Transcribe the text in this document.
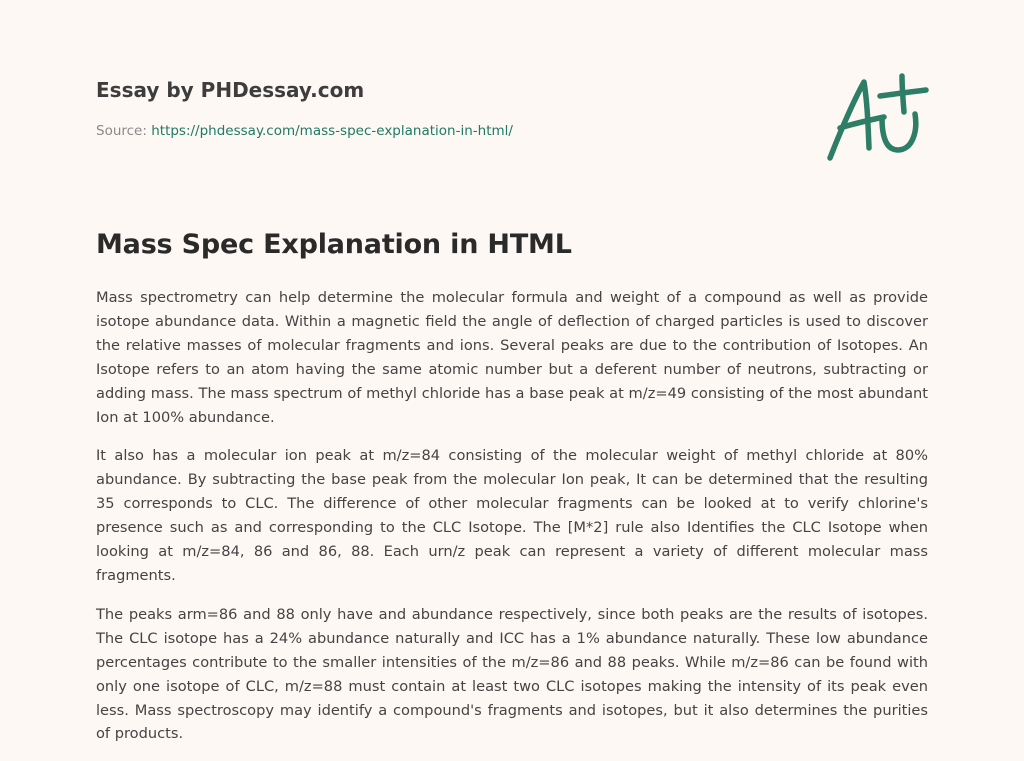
Essay by PHDessay.com
Source: https://phdessay.com/mass-spec-explanation-in-html/
Mass Spec Explanation in HTML

Mass spectrometry can help determine the molecular formula and weight of a compound as well as provide isotope abundance data. Within a magnetic field the angle of deflection of charged particles is used to discover the relative masses of molecular fragments and ions. Several peaks are due to the contribution of Isotopes. An Isotope refers to an atom having the same atomic number but a deferent number of neutrons, subtracting or adding mass. The mass spectrum of methyl chloride has a base peak at m/z=49 consisting of the most abundant Ion at 100% abundance.

It also has a molecular ion peak at m/z=84 consisting of the molecular weight of methyl chloride at 80% abundance. By subtracting the base peak from the molecular Ion peak, It can be determined that the resulting 35 corresponds to CLC. The difference of other molecular fragments can be looked at to verify chlorine's presence such as and corresponding to the CLC Isotope. The [M*2] rule also Identifies the CLC Isotope when looking at m/z=84, 86 and 86, 88. Each urn/z peak can represent a variety of different molecular mass fragments.

The peaks arm=86 and 88 only have and abundance respectively, since both peaks are the results of isotopes. The CLC isotope has a 24% abundance naturally and ICC has a 1% abundance naturally. These low abundance percentages contribute to the smaller intensities of the m/z=86 and 88 peaks. While m/z=86 can be found with only one isotope of CLC, m/z=88 must contain at least two CLC isotopes making the intensity of its peak even less. Mass spectroscopy may identify a compound's fragments and isotopes, but it also determines the purities of products.
